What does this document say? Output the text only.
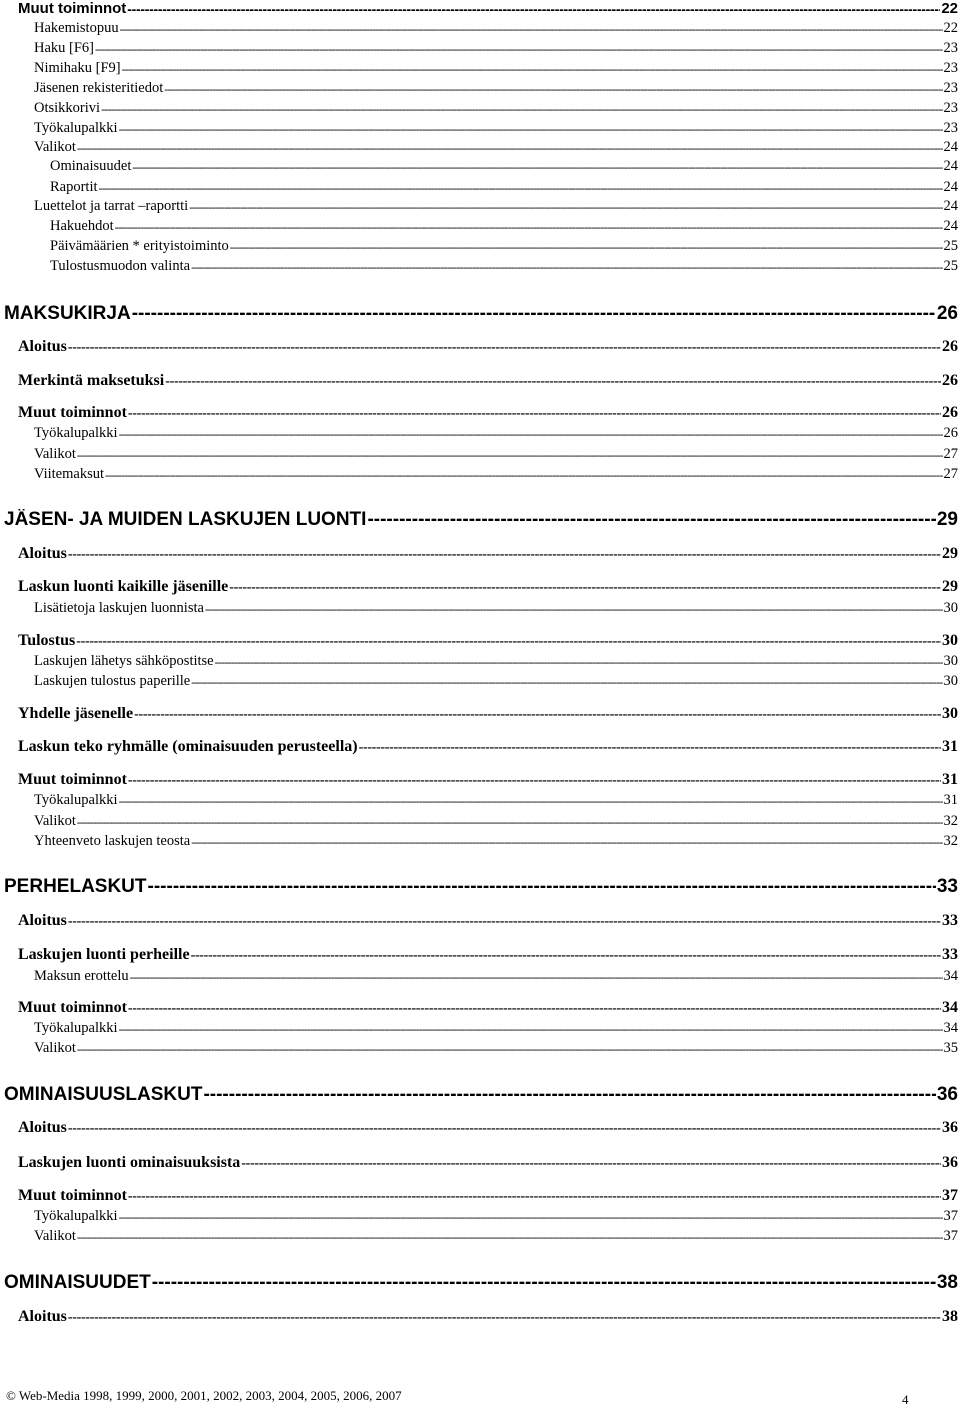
Muut toiminnot -----	22
Hakemistopuu -----	22
Haku [F6] -----	23
Nimihaku [F9] -----	23
Jäsenen rekisteritiedot -----	23
Otsikkorivi -----	23
Työkalupalkki -----	23
Valikot -----	24
Ominaisuudet -----	24
Raportit -----	24
Luettelot ja tarrat –raportti -----	24
Hakuehdot -----	24
Päivämäärien * erityistoiminto -----	25
Tulostusmuodon valinta -----	25
MAKSUKIRJA -----	26
Aloitus -----	26
Merkintä maksetuksi -----	26
Muut toiminnot -----	26
Työkalupalkki -----	26
Valikot -----	27
Viitemaksut -----	27
JÄSEN- JA MUIDEN LASKUJEN LUONTI -----	29
Aloitus -----	29
Laskun luonti kaikille jäsenille -----	29
Lisätietoja laskujen luonnista -----	30
Tulostus -----	30
Laskujen lähetys sähköpostitse -----	30
Laskujen tulostus paperille -----	30
Yhdelle jäsenelle -----	30
Laskun teko ryhmälle (ominaisuuden perusteella) -----	31
Muut toiminnot -----	31
Työkalupalkki -----	31
Valikot -----	32
Yhteenveto laskujen teosta -----	32
PERHELASKUT -----	33
Aloitus -----	33
Laskujen luonti perheille -----	33
Maksun erottelu -----	34
Muut toiminnot -----	34
Työkalupalkki -----	34
Valikot -----	35
OMINAISUUSLASKUT -----	36
Aloitus -----	36
Laskujen luonti ominaisuuksista -----	36
Muut toiminnot -----	37
Työkalupalkki -----	37
Valikot -----	37
OMINAISUUDET -----	38
Aloitus -----	38
© Web-Media 1998, 1999, 2000, 2001, 2002, 2003, 2004, 2005, 2006, 2007	4
